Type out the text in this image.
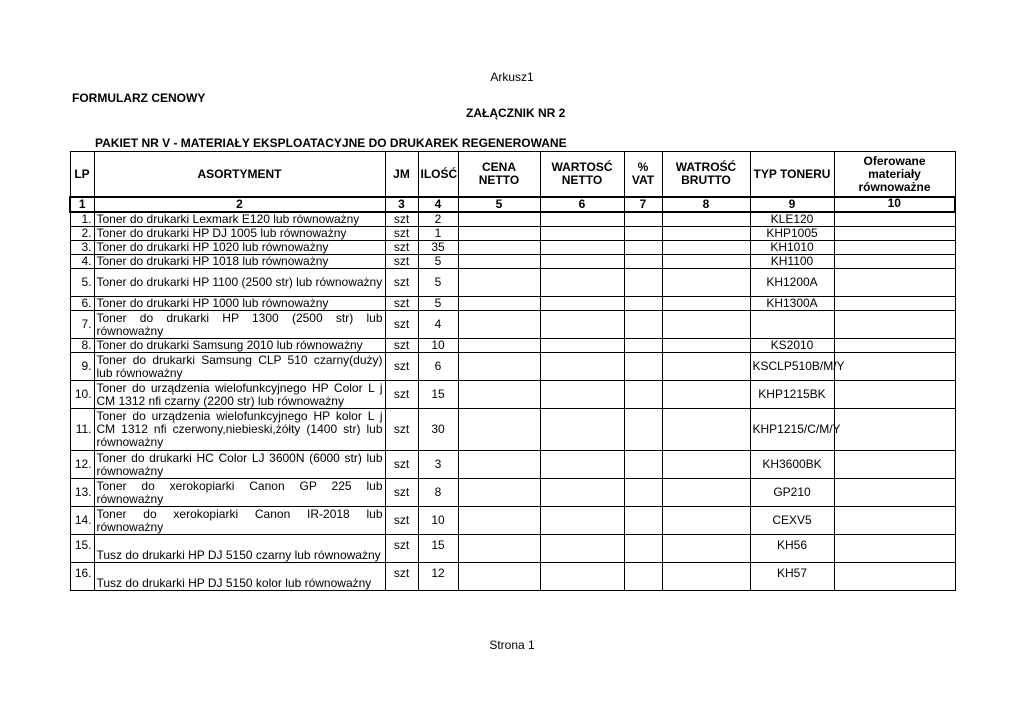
Arkusz1
FORMULARZ CENOWY
ZAŁĄCZNIK NR 2
PAKIET NR V - MATERIAŁY EKSPLOATACYJNE DO DRUKAREK REGENEROWANE
LP	ASORTYMENT	JM	ILOŚĆ	CENA NETTO	WARTOSĆ NETTO	% VAT	WATROŚĆ BRUTTO	TYP TONERU	Oferowane materiały równoważne
1	2	3	4	5	6	7	8	9	10
1.	Toner do drukarki Lexmark E120 lub równoważny	szt	2					KLE120	
2.	Toner do drukarki HP DJ 1005 lub równoważny	szt	1					KHP1005	
3.	Toner do drukarki HP 1020 lub równoważny	szt	35					KH1010	
4.	Toner do drukarki HP 1018 lub równoważny	szt	5					KH1100	
5.	Toner do drukarki HP 1100 (2500 str) lub równoważny	szt	5					KH1200A	
6.	Toner do drukarki HP 1000 lub równoważny	szt	5					KH1300A	
7.	Toner do drukarki HP 1300 (2500 str) lub równoważny	szt	4						
8.	Toner do drukarki Samsung 2010 lub równoważny	szt	10					KS2010	
9.	Toner do drukarki Samsung CLP 510 czarny(duży) lub równoważny	szt	6					KSCLP510B/M/Y	
10.	Toner do urządzenia wielofunkcyjnego HP Color L j CM 1312 nfi czarny (2200 str) lub równoważny	szt	15					KHP1215BK	
11.	Toner do urządzenia wielofunkcyjnego HP kolor L j CM 1312 nfi czerwony,niebieski,żółty (1400 str) lub równoważny	szt	30					KHP1215/C/M/Y	
12.	Toner do drukarki HC Color LJ 3600N (6000 str) lub równoważny	szt	3					KH3600BK	
13.	Toner do xerokopiarki Canon GP 225 lub równoważny	szt	8					GP210	
14.	Toner do xerokopiarki Canon IR-2018 lub równoważny	szt	10					CEXV5	
15.	Tusz do drukarki HP DJ 5150 czarny lub równoważny	szt	15					KH56	
16.	Tusz do drukarki HP DJ 5150 kolor lub równoważny	szt	12					KH57	
Strona 1
